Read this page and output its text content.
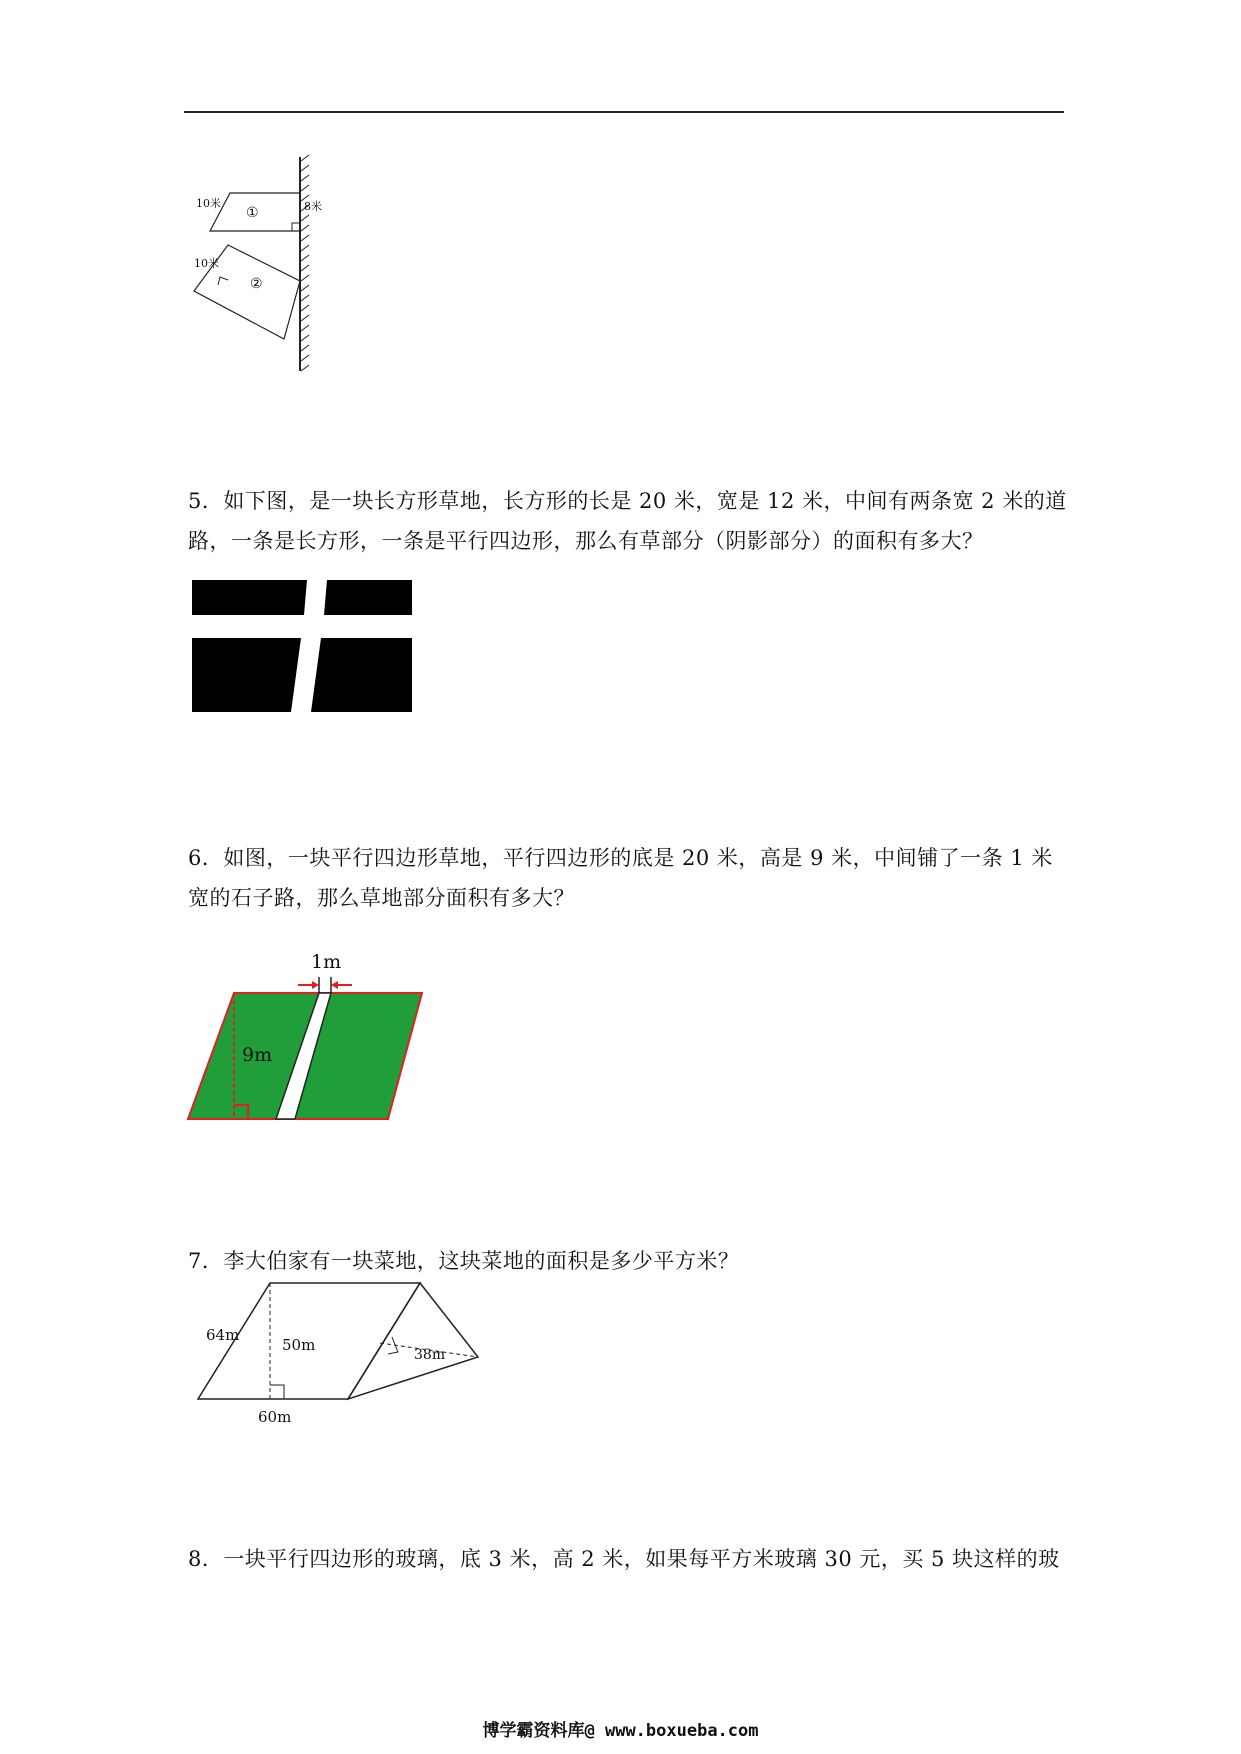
10米	8米
10米
①
②

5．如下图，是一块长方形草地，长方形的长是 20 米，宽是 12 米，中间有两条宽 2 米的道

路，一条是长方形，一条是平行四边形，那么有草部分（阴影部分）的面积有多大？

6．如图，一块平行四边形草地，平行四边形的底是 20 米，高是 9 米，中间铺了一条 1 米

宽的石子路，那么草地部分面积有多大？

1m
9m

7．李大伯家有一块菜地，这块菜地的面积是多少平方米？

64m
50m
60m
38m

8．一块平行四边形的玻璃，底 3 米，高 2 米，如果每平方米玻璃 30 元，买 5 块这样的玻

博学霸资料库@ www.boxueba.com
